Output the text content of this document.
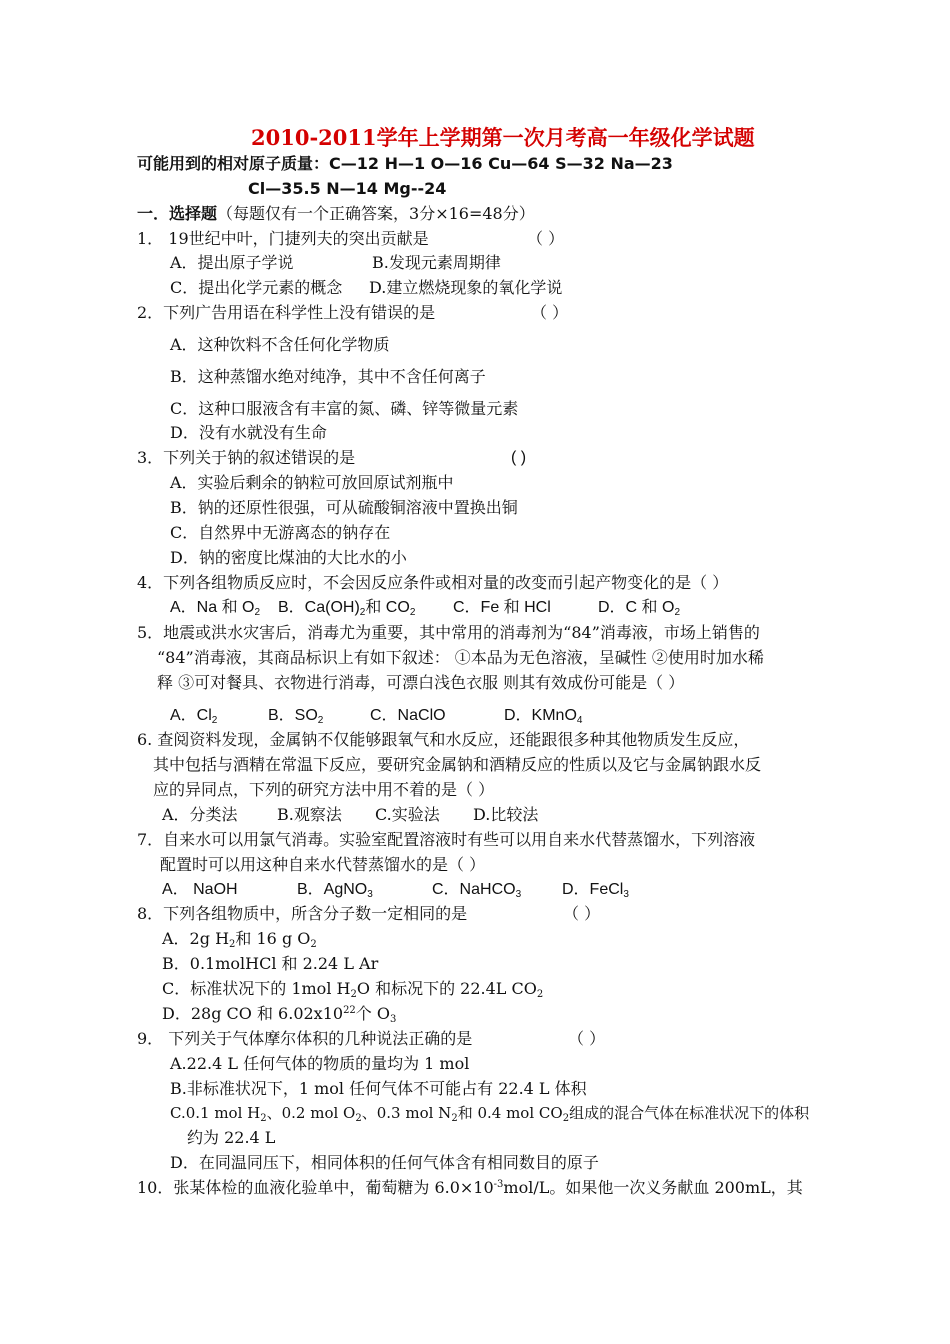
2010-2011学年上学期第一次月考高一年级化学试题
可能用到的相对原子质量：C—12 H—1 O—16 Cu—64 S—32 Na—23
Cl—35.5 N—14 Mg--24
一．选择题（每题仅有一个正确答案，3分×16=48分）
1． 19世纪中叶，门捷列夫的突出贡献是	（ ）
A．提出原子学说	B.发现元素周期律
C．提出化学元素的概念 D.建立燃烧现象的氧化学说
2．下列广告用语在科学性上没有错误的是	（ ）
A．这种饮料不含任何化学物质
B．这种蒸馏水绝对纯净，其中不含任何离子
C．这种口服液含有丰富的氮、磷、锌等微量元素
D．没有水就没有生命
3．下列关于钠的叙述错误的是	( )
A．实验后剩余的钠粒可放回原试剂瓶中
B．钠的还原性很强，可从硫酸铜溶液中置换出铜
C．自然界中无游离态的钠存在
D．钠的密度比煤油的大比水的小
4．下列各组物质反应时，不会因反应条件或相对量的改变而引起产物变化的是（ ）
A．Na 和 $O_2$ B．$Ca(OH)_2$和 $CO_2$ C．Fe 和 HCl	D．C 和 $O_2$
5．地震或洪水灾害后，消毒尤为重要，其中常用的消毒剂为“84”消毒液，市场上销售的
“84”消毒液，其商品标识上有如下叙述： ①本品为无色溶液，呈碱性 ②使用时加水稀
释 ③可对餐具、衣物进行消毒，可漂白浅色衣服 则其有效成份可能是（ ）
A．$Cl_2$	B．$SO_2$	C．NaClO	D．KMnO$_4$
6. 查阅资料发现，金属钠不仅能够跟氧气和水反应，还能跟很多种其他物质发生反应，
其中包括与酒精在常温下反应，要研究金属钠和酒精反应的性质以及它与金属钠跟水反
应的异同点，下列的研究方法中用不着的是（ ）
A．分类法 B.观察法 C.实验法 D.比较法
7．自来水可以用氯气消毒。实验室配置溶液时有些可以用自来水代替蒸馏水，下列溶液
配置时可以用这种自来水代替蒸馏水的是（ ）
A． NaOH	B．AgNO$_3$	C．NaHCO$_3$	D．FeCl$_3$
8．下列各组物质中，所含分子数一定相同的是	（ ）
A．2g $H_2$和 16 g $O_2$
B．0.1molHCl 和 2.24 L Ar
C．标准状况下的 1mol $H_2O$ 和标况下的 22.4L $CO_2$
D．28g CO 和 $6.02x10^{22}$个 $O_3$
9． 下列关于气体摩尔体积的几种说法正确的是	（ ）
A.22.4 L 任何气体的物质的量均为 1 mol
B.非标准状况下，1 mol 任何气体不可能占有 22.4 L 体积
C.0.1 mol $H_2$、0.2 mol $O_2$、0.3 mol $N_2$和 0.4 mol $CO_2$组成的混合气体在标准状况下的体积
约为 22.4 L
D．在同温同压下，相同体积的任何气体含有相同数目的原子
10．张某体检的血液化验单中，葡萄糖为 $6.0\times 10^{-3}mol/L$。如果他一次义务献血 200mL，其
